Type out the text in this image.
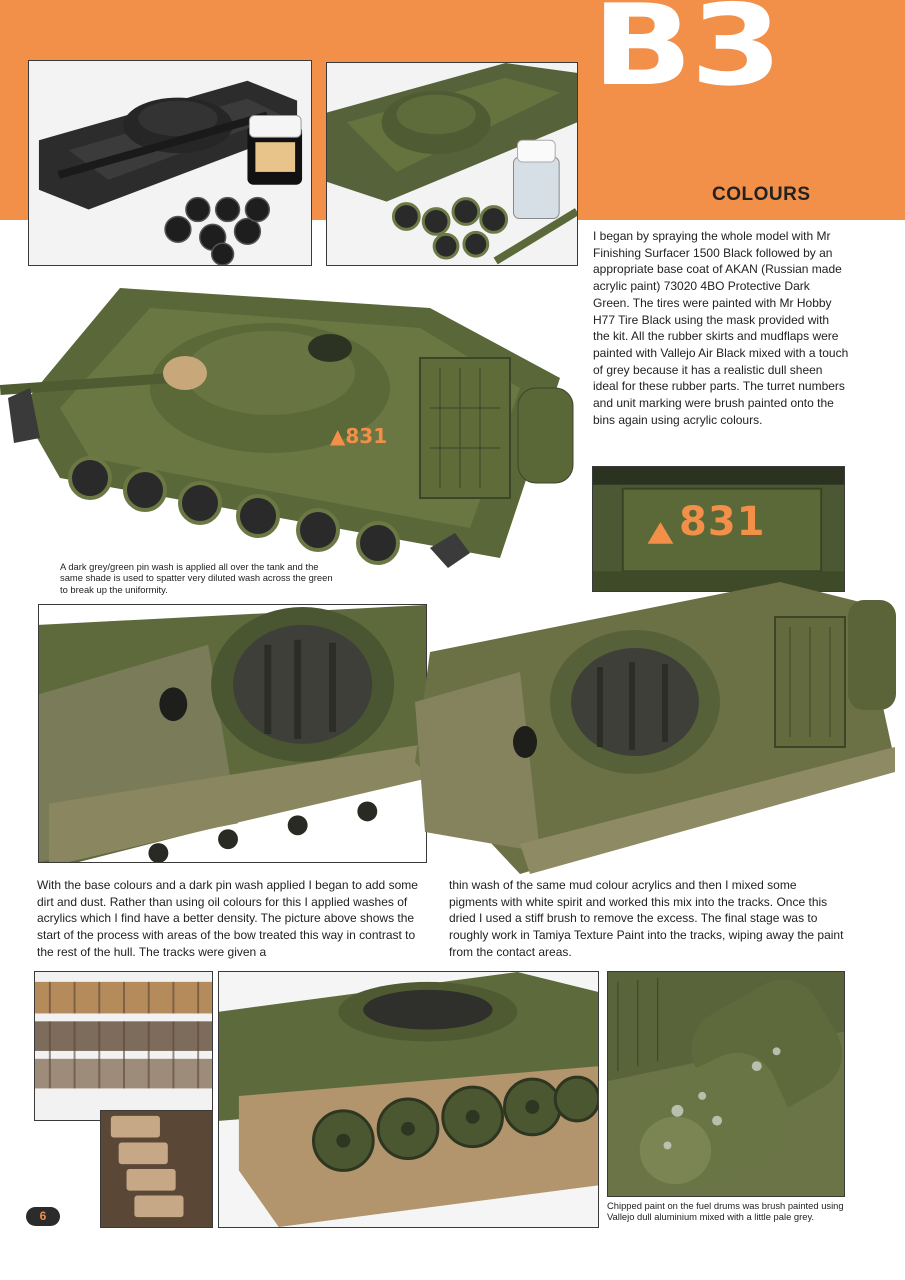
B3
COLOURS

I began by spraying the whole model with Mr Finishing Surfacer 1500 Black followed by an appropriate base coat of AKAN (Russian made acrylic paint) 73020 4BO Protective Dark Green. The tires were painted with Mr Hobby H77 Tire Black using the mask provided with the kit. All the rubber skirts and mudflaps were painted with Vallejo Air Black mixed with a touch of grey because it has a realistic dull sheen ideal for these rubber parts. The turret numbers and unit marking were brush painted onto the bins again using acrylic colours.

▲831

A dark grey/green pin wash is applied all over the tank and the same shade is used to spatter very diluted wash across the green to break up the uniformity.

831

With the base colours and a dark pin wash applied I began to add some dirt and dust. Rather than using oil colours for this I applied washes of acrylics which I find have a better density. The picture above shows the start of the process with areas of the bow treated this way in contrast to the rest of the hull. The tracks were given a

thin wash of the same mud colour acrylics and then I mixed some pigments with white spirit and worked this mix into the tracks. Once this dried I used a stiff brush to remove the excess. The final stage was to roughly work in Tamiya Texture Paint into the tracks, wiping away the paint from the contact areas.

Chipped paint on the fuel drums was brush painted using Vallejo dull aluminium mixed with a little pale grey.

6
